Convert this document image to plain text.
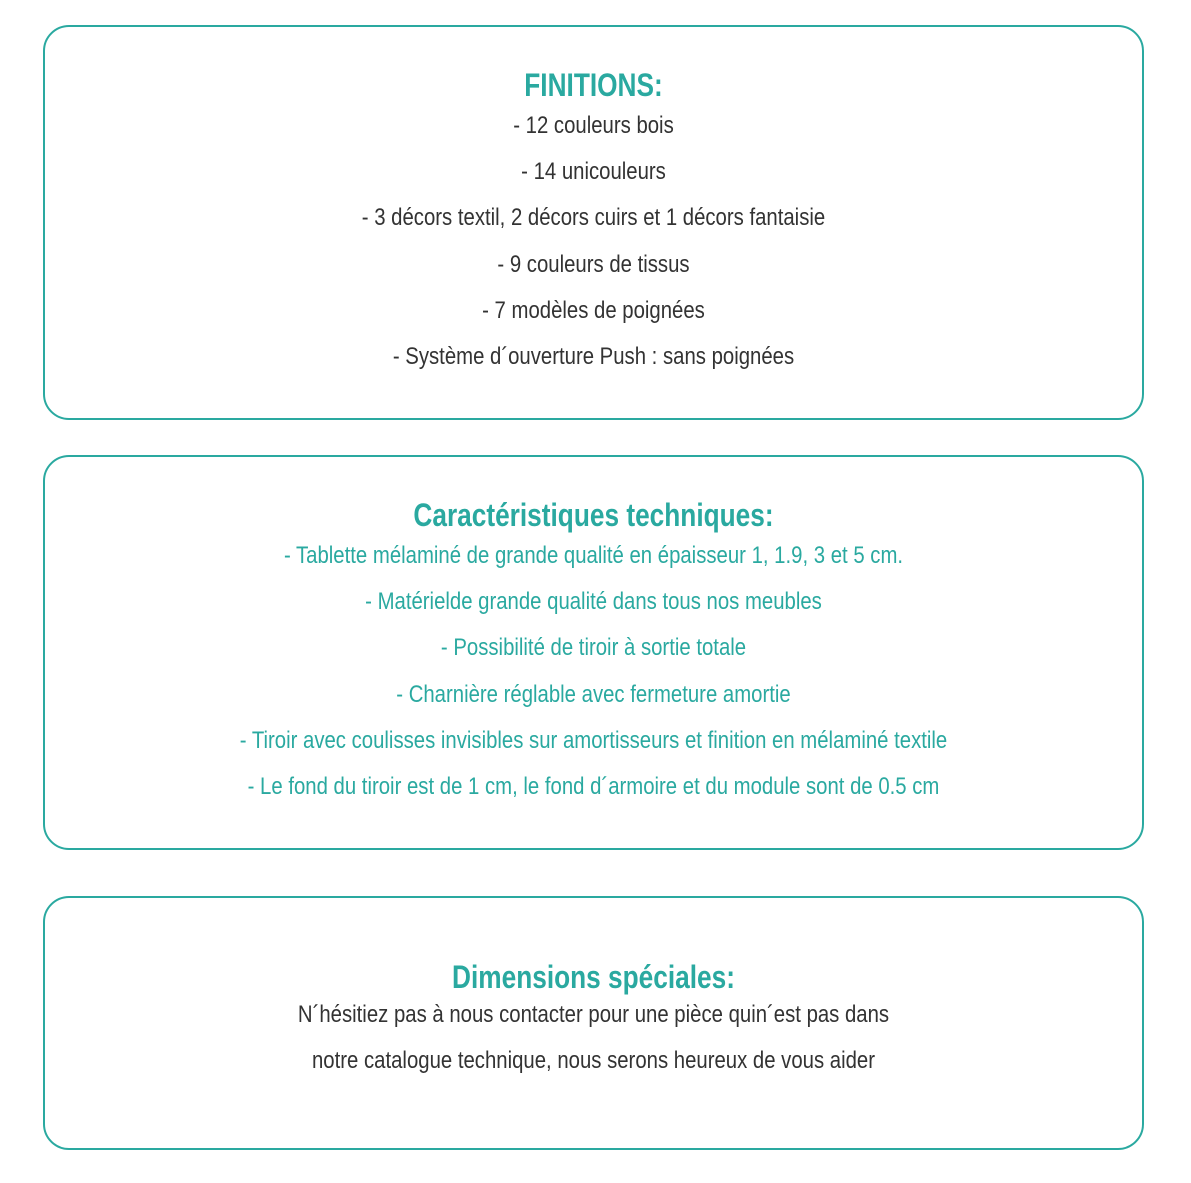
FINITIONS:
- 12 couleurs bois
- 14 unicouleurs
- 3 décors textil, 2 décors cuirs et 1 décors fantaisie
- 9 couleurs de tissus
- 7 modèles de poignées
- Système d´ouverture Push : sans poignées
Caractéristiques techniques:
- Tablette mélaminé de grande qualité en épaisseur 1, 1.9, 3 et 5 cm.
- Matérielde grande qualité dans tous nos meubles
- Possibilité de tiroir à sortie totale
- Charnière réglable avec fermeture amortie
- Tiroir avec coulisses invisibles sur amortisseurs et finition en mélaminé textile
- Le fond du tiroir est de 1 cm, le fond d´armoire et du module sont de 0.5 cm
Dimensions spéciales:
N´hésitiez pas à nous contacter pour une pièce quin´est pas dans
notre catalogue technique, nous serons heureux de vous aider
